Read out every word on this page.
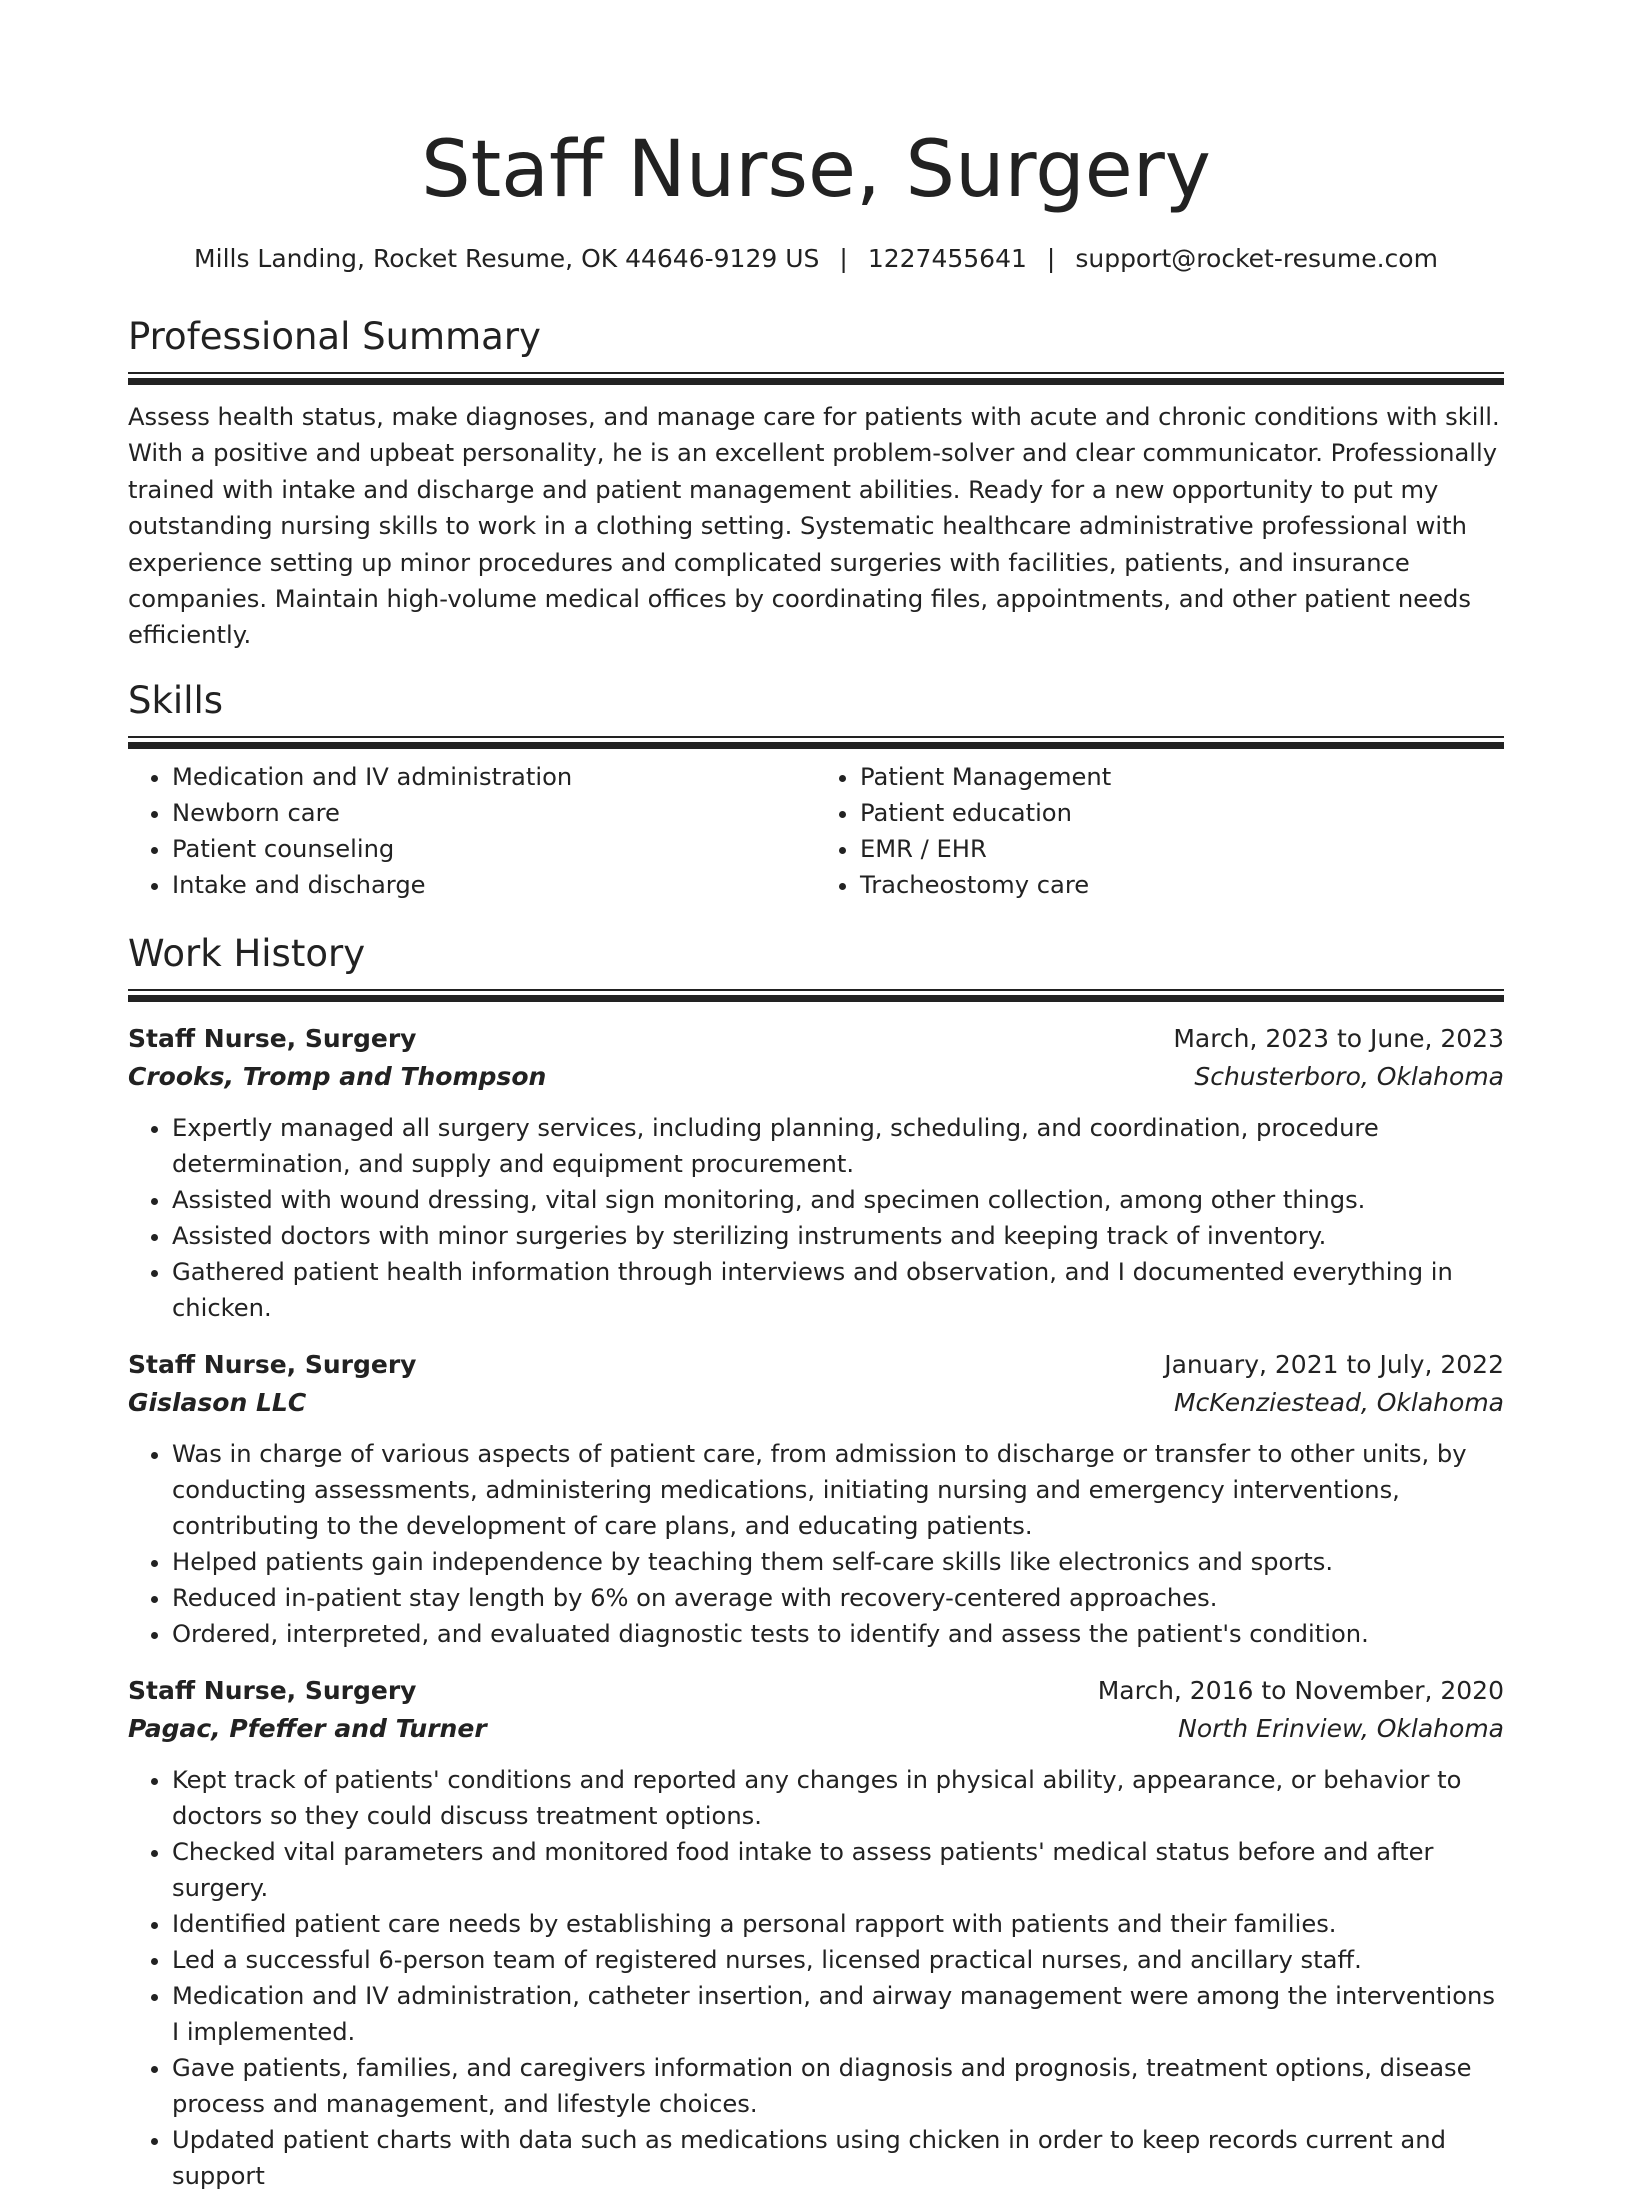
Staff Nurse, Surgery
Mills Landing, Rocket Resume, OK 44646-9129 US | 1227455641 | support@rocket-resume.com
Professional Summary
Assess health status, make diagnoses, and manage care for patients with acute and chronic conditions with skill. With a positive and upbeat personality, he is an excellent problem-solver and clear communicator. Professionally trained with intake and discharge and patient management abilities. Ready for a new opportunity to put my outstanding nursing skills to work in a clothing setting. Systematic healthcare administrative professional with experience setting up minor procedures and complicated surgeries with facilities, patients, and insurance companies. Maintain high-volume medical offices by coordinating files, appointments, and other patient needs efficiently.
Skills
• Medication and IV administration
• Newborn care
• Patient counseling
• Intake and discharge
• Patient Management
• Patient education
• EMR / EHR
• Tracheostomy care
Work History
Staff Nurse, Surgery	March, 2023 to June, 2023
Crooks, Tromp and Thompson	Schusterboro, Oklahoma
• Expertly managed all surgery services, including planning, scheduling, and coordination, procedure determination, and supply and equipment procurement.
• Assisted with wound dressing, vital sign monitoring, and specimen collection, among other things.
• Assisted doctors with minor surgeries by sterilizing instruments and keeping track of inventory.
• Gathered patient health information through interviews and observation, and I documented everything in chicken.
Staff Nurse, Surgery	January, 2021 to July, 2022
Gislason LLC	McKenziestead, Oklahoma
• Was in charge of various aspects of patient care, from admission to discharge or transfer to other units, by conducting assessments, administering medications, initiating nursing and emergency interventions, contributing to the development of care plans, and educating patients.
• Helped patients gain independence by teaching them self-care skills like electronics and sports.
• Reduced in-patient stay length by 6% on average with recovery-centered approaches.
• Ordered, interpreted, and evaluated diagnostic tests to identify and assess the patient's condition.
Staff Nurse, Surgery	March, 2016 to November, 2020
Pagac, Pfeffer and Turner	North Erinview, Oklahoma
• Kept track of patients' conditions and reported any changes in physical ability, appearance, or behavior to doctors so they could discuss treatment options.
• Checked vital parameters and monitored food intake to assess patients' medical status before and after surgery.
• Identified patient care needs by establishing a personal rapport with patients and their families.
• Led a successful 6-person team of registered nurses, licensed practical nurses, and ancillary staff.
• Medication and IV administration, catheter insertion, and airway management were among the interventions I implemented.
• Gave patients, families, and caregivers information on diagnosis and prognosis, treatment options, disease process and management, and lifestyle choices.
• Updated patient charts with data such as medications using chicken in order to keep records current and support
